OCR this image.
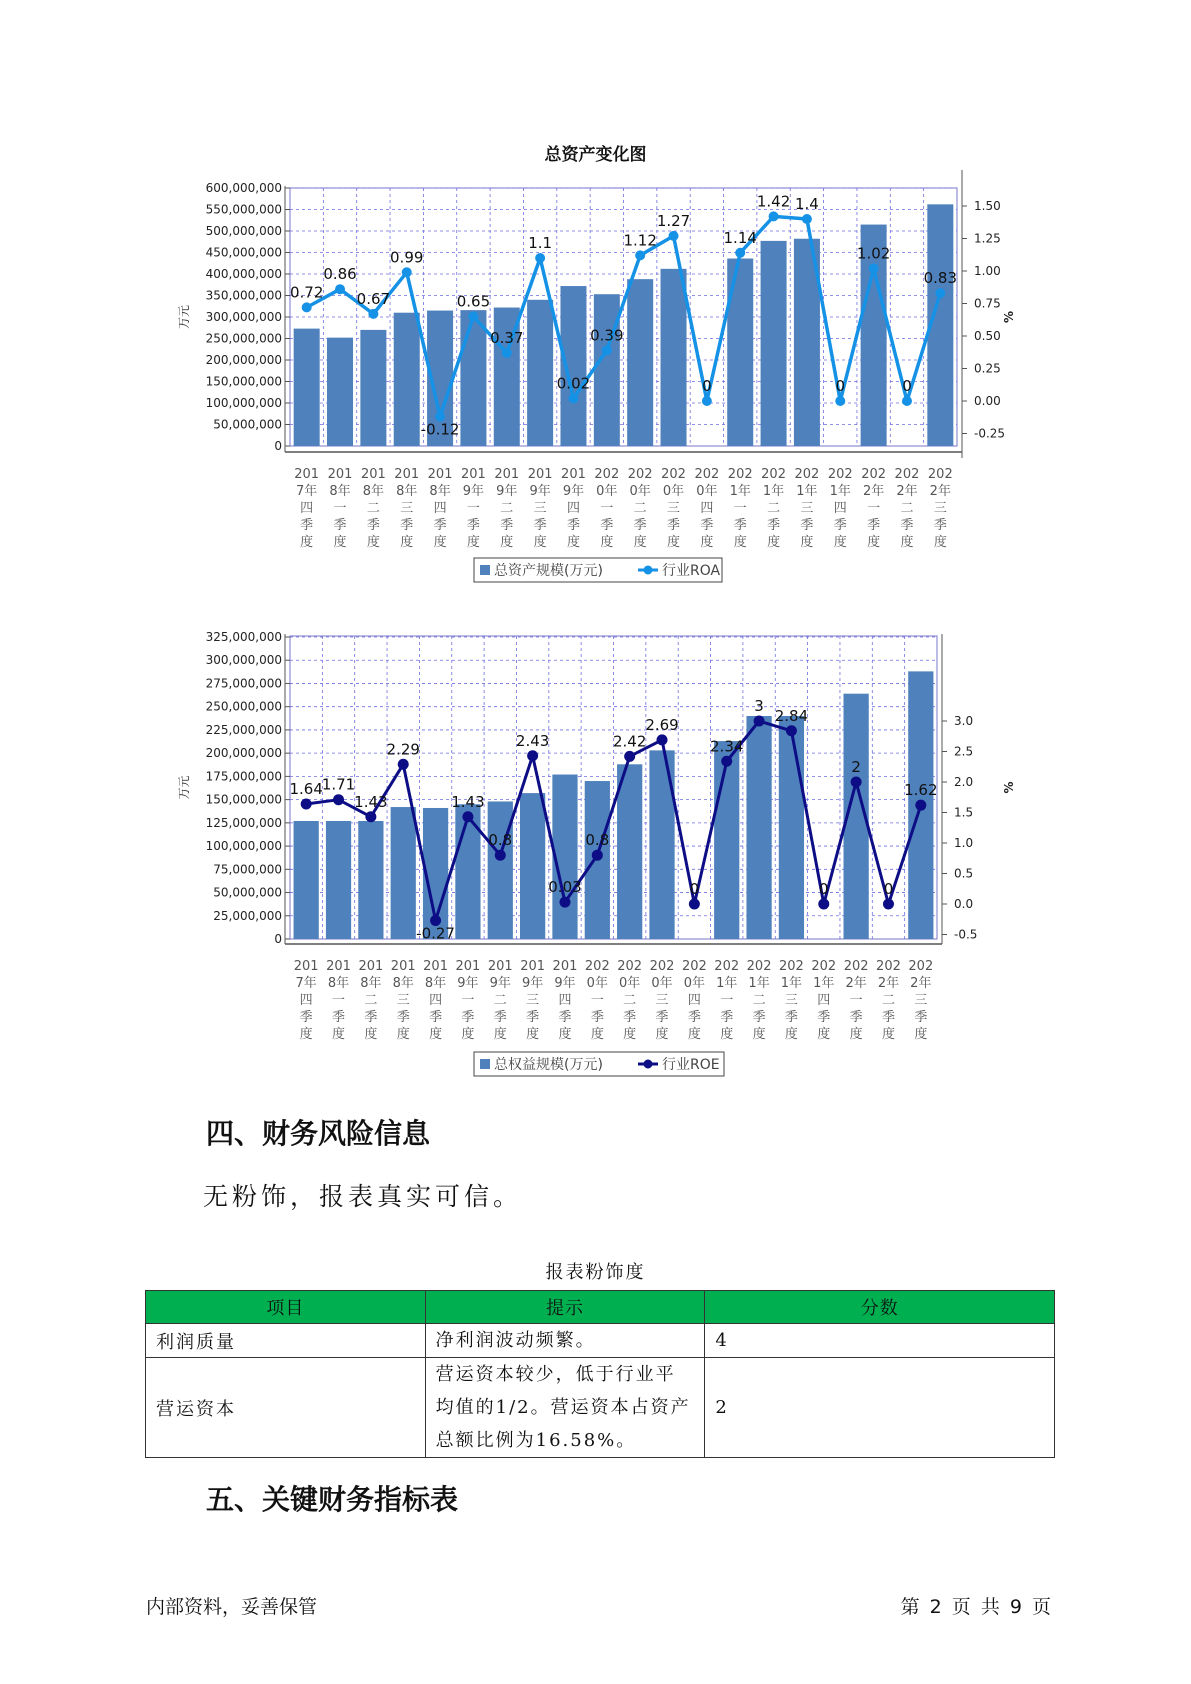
总资产变化图
0
50,000,000
100,000,000
150,000,000
200,000,000
250,000,000
300,000,000
350,000,000
400,000,000
450,000,000
500,000,000
550,000,000
600,000,000
-0.25
0.00
0.25
0.50
0.75
1.00
1.25
1.50
万元	%
0.72
0.86
0.67
0.99
-0.12
0.65
0.37
1.1
0.02
0.39
1.12
1.27
0
1.14
1.42 1.4
0
1.02
0
0.83
201
7年
四
季
度
201
8年
一
季
度
201
8年
二
季
度
201
8年
三
季
度
201
8年
四
季
度
201
9年
一
季
度
201
9年
二
季
度
201
9年
三
季
度
201
9年
四
季
度
202
0年
一
季
度
202
0年
二
季
度
202
0年
三
季
度
202
0年
四
季
度
202
1年
一
季
度
202
1年
二
季
度
202
1年
三
季
度
202
1年
四
季
度
202
2年
一
季
度
202
2年
二
季
度
202
2年
三
季
度
总资产规模(万元)	行业ROA
0
25,000,000
50,000,000
75,000,000
100,000,000
125,000,000
150,000,000
175,000,000
200,000,000
225,000,000
250,000,000
275,000,000
300,000,000
325,000,000
-0.5
0.0
0.5
1.0
1.5
2.0
2.5
3.0
万元	%
1.64
1.71
1.43
2.29
-0.27
1.43
0.8
2.43
0.03
0.8
2.42
2.69
0
2.34
3
2.84
0
2
0
1.62
201
7年
四
季
度
201
8年
一
季
度
201
8年
二
季
度
201
8年
三
季
度
201
8年
四
季
度
201
9年
一
季
度
201
9年
二
季
度
201
9年
三
季
度
201
9年
四
季
度
202
0年
一
季
度
202
0年
二
季
度
202
0年
三
季
度
202
0年
四
季
度
202
1年
一
季
度
202
1年
二
季
度
202
1年
三
季
度
202
1年
四
季
度
202
2年
一
季
度
202
2年
二
季
度
202
2年
三
季
度
总权益规模(万元)	行业ROE
四、财务风险信息
无粉饰，报表真实可信。
报表粉饰度
项目	提示	分数
利润质量	净利润波动频繁。	4
营运资本	营运资本较少，低于行业平均值的1/2。营运资本占资产总额比例为16.58%。	2
五、关键财务指标表
内部资料，妥善保管	第 2 页 共 9 页
